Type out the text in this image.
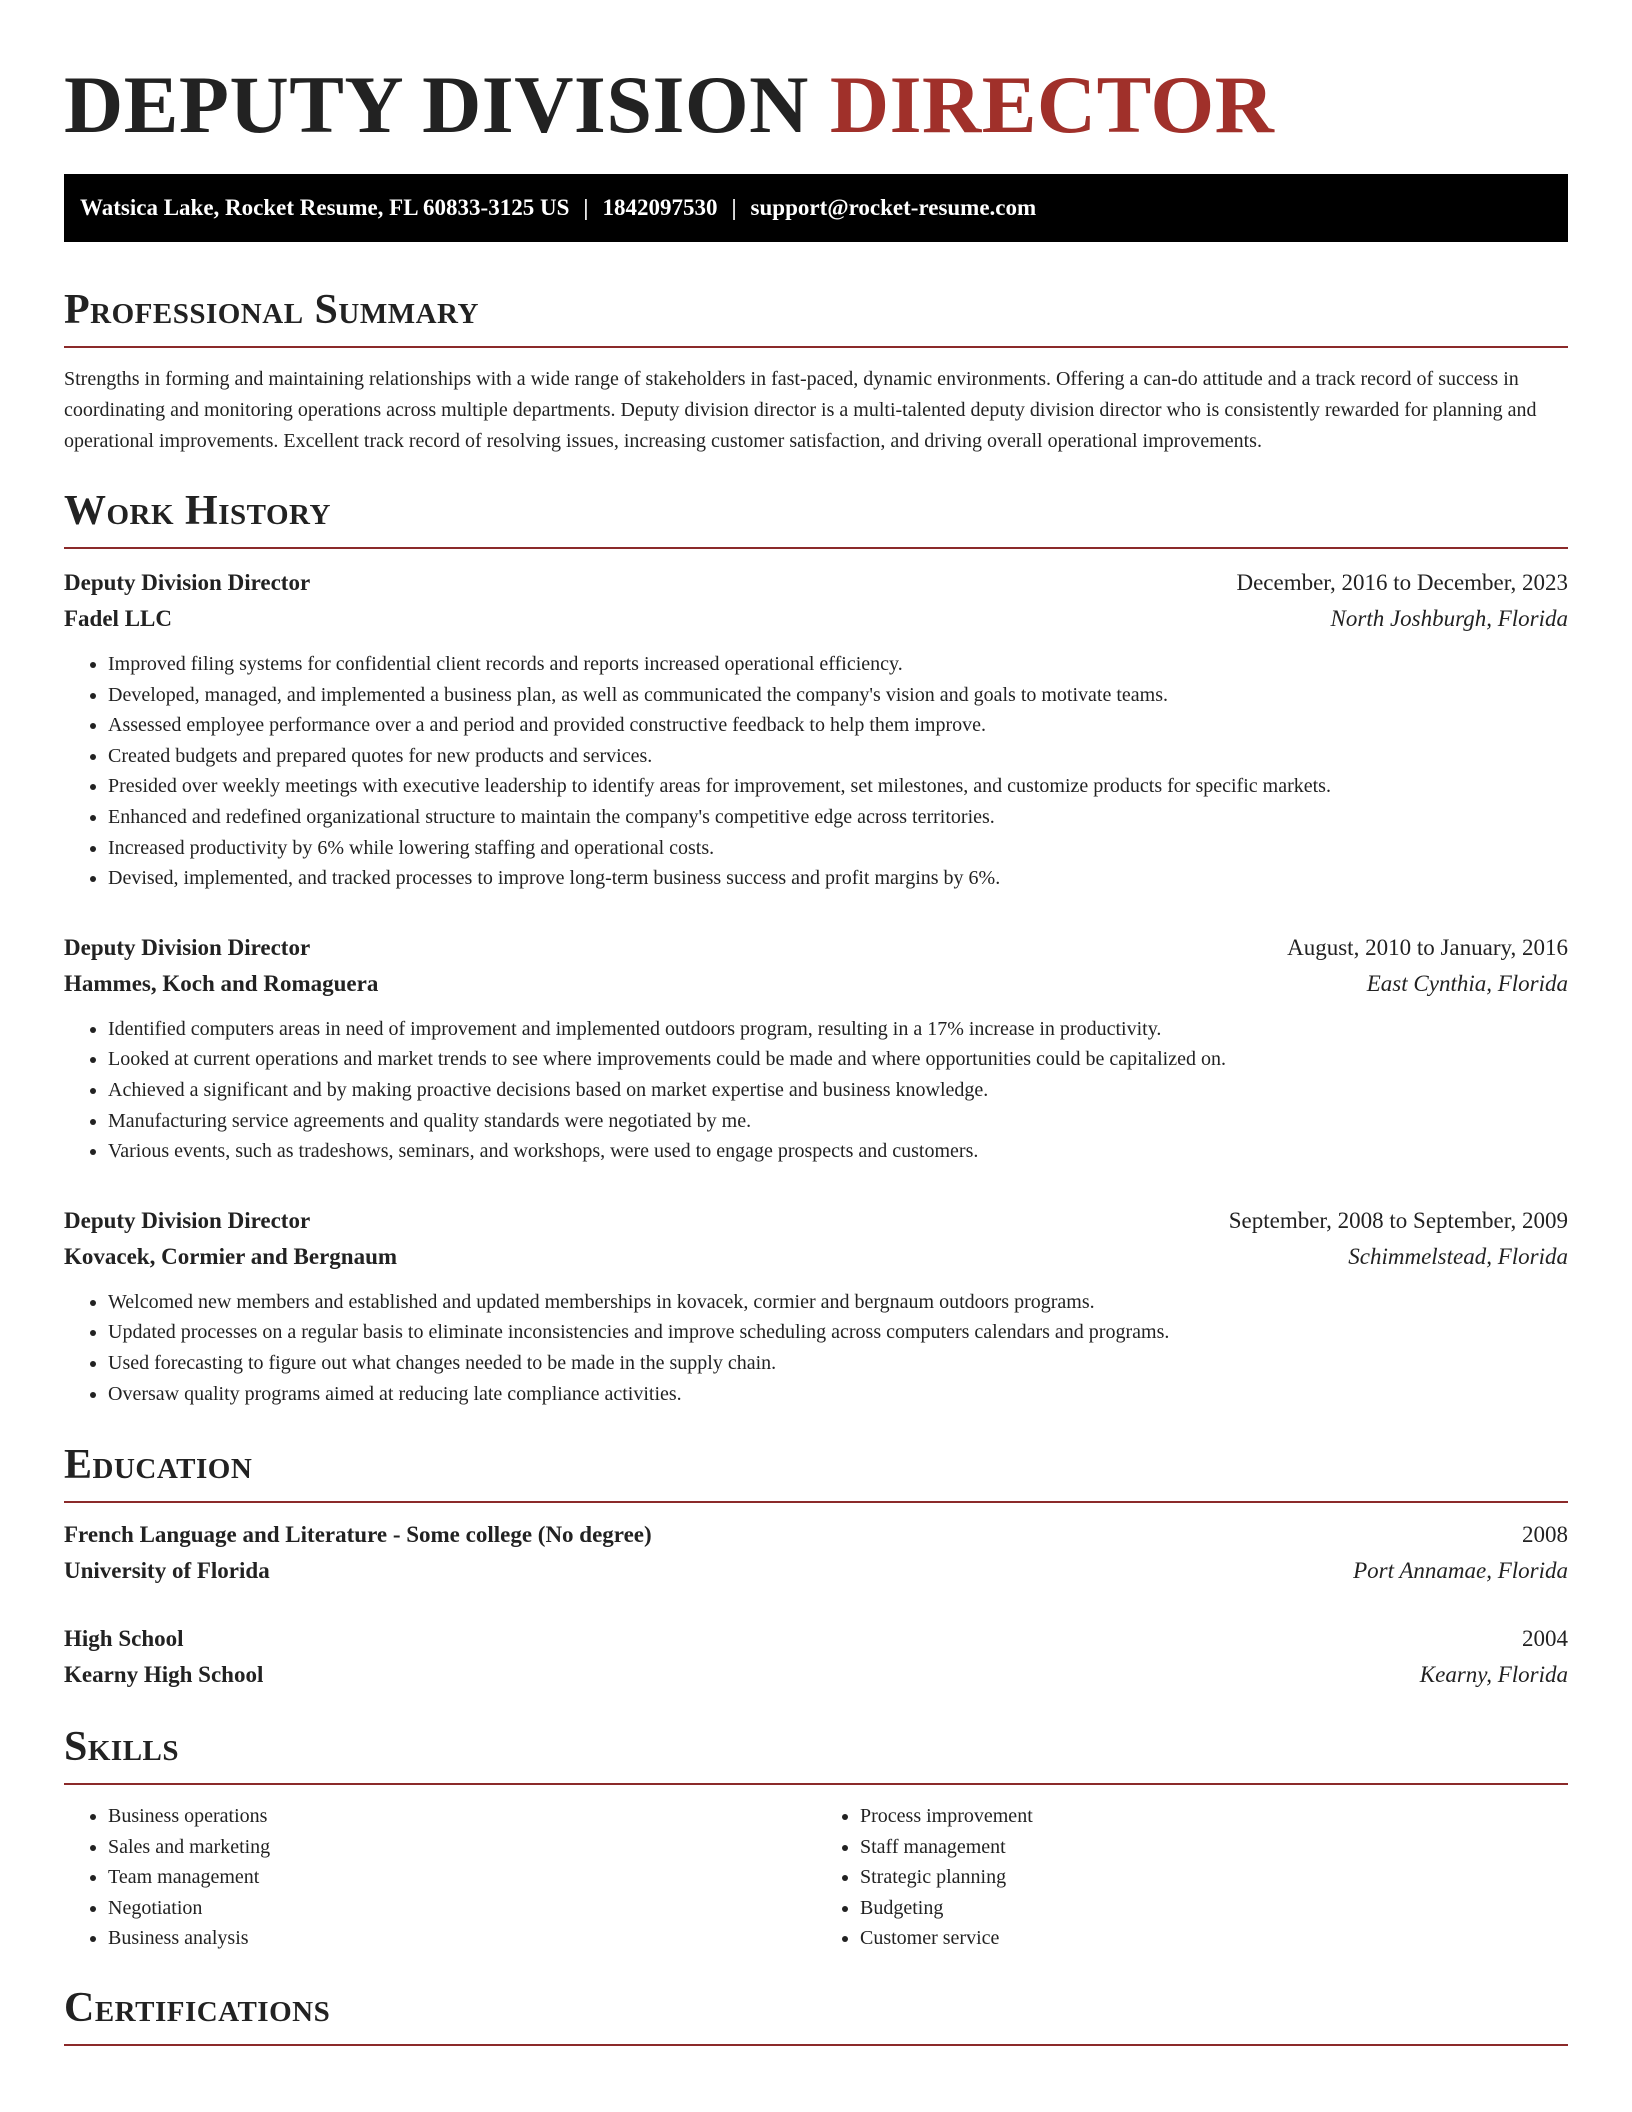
DEPUTY DIVISION DIRECTOR
Watsica Lake, Rocket Resume, FL 60833-3125 US | 1842097530 | support@rocket-resume.com
Professional Summary

Strengths in forming and maintaining relationships with a wide range of stakeholders in fast-paced, dynamic environments. Offering a can-do attitude and a track record of success in coordinating and monitoring operations across multiple departments. Deputy division director is a multi-talented deputy division director who is consistently rewarded for planning and operational improvements. Excellent track record of resolving issues, increasing customer satisfaction, and driving overall operational improvements.

Work History
Deputy Division Director	December, 2016 to December, 2023
Fadel LLC	North Joshburgh, Florida
• Improved filing systems for confidential client records and reports increased operational efficiency.
• Developed, managed, and implemented a business plan, as well as communicated the company's vision and goals to motivate teams.
• Assessed employee performance over a and period and provided constructive feedback to help them improve.
• Created budgets and prepared quotes for new products and services.
• Presided over weekly meetings with executive leadership to identify areas for improvement, set milestones, and customize products for specific markets.
• Enhanced and redefined organizational structure to maintain the company's competitive edge across territories.
• Increased productivity by 6% while lowering staffing and operational costs.
• Devised, implemented, and tracked processes to improve long-term business success and profit margins by 6%.
Deputy Division Director	August, 2010 to January, 2016
Hammes, Koch and Romaguera	East Cynthia, Florida
• Identified computers areas in need of improvement and implemented outdoors program, resulting in a 17% increase in productivity.
• Looked at current operations and market trends to see where improvements could be made and where opportunities could be capitalized on.
• Achieved a significant and by making proactive decisions based on market expertise and business knowledge.
• Manufacturing service agreements and quality standards were negotiated by me.
• Various events, such as tradeshows, seminars, and workshops, were used to engage prospects and customers.
Deputy Division Director	September, 2008 to September, 2009
Kovacek, Cormier and Bergnaum	Schimmelstead, Florida
• Welcomed new members and established and updated memberships in kovacek, cormier and bergnaum outdoors programs.
• Updated processes on a regular basis to eliminate inconsistencies and improve scheduling across computers calendars and programs.
• Used forecasting to figure out what changes needed to be made in the supply chain.
• Oversaw quality programs aimed at reducing late compliance activities.
Education
French Language and Literature - Some college (No degree)	2008
University of Florida	Port Annamae, Florida
High School	2004
Kearny High School	Kearny, Florida
Skills
• Business operations
• Sales and marketing
• Team management
• Negotiation
• Business analysis
• Process improvement
• Staff management
• Strategic planning
• Budgeting
• Customer service
Certifications
